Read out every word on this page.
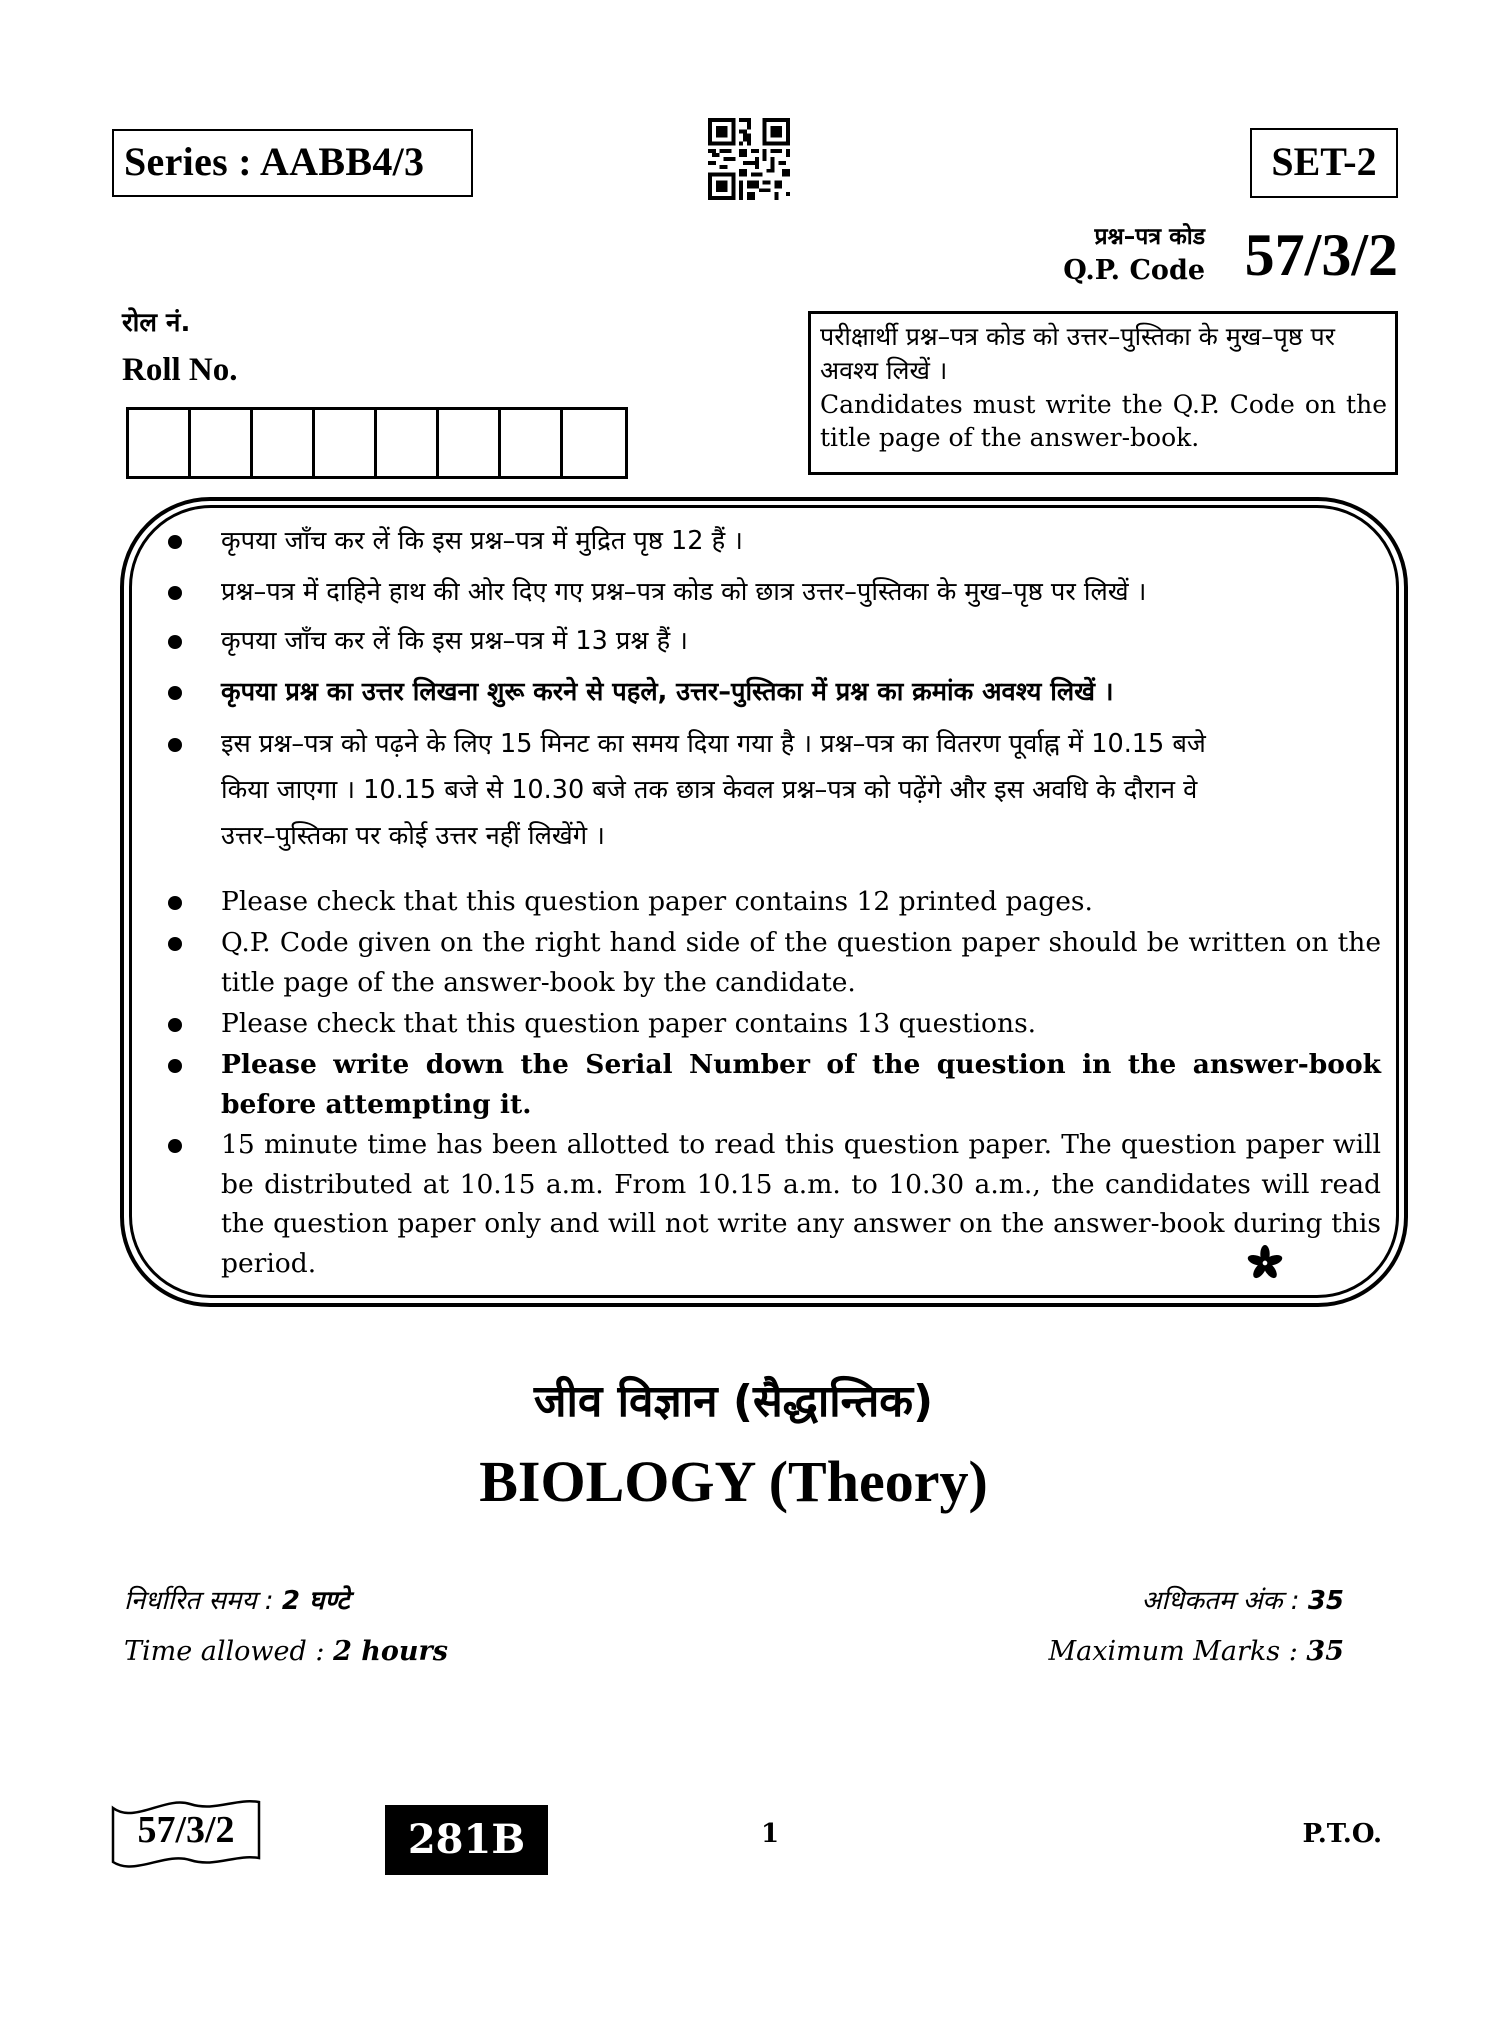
Series : AABB4/3	SET-2
प्रश्न–पत्र कोड
Q.P. Code 57/3/2
रोल नं.
Roll No.
परीक्षार्थी प्रश्न–पत्र कोड को उत्तर–पुस्तिका के मुख–पृष्ठ पर अवश्य लिखें ।
Candidates must write the Q.P. Code on the title page of the answer-book.
कृपया जाँच कर लें कि इस प्रश्न–पत्र में मुद्रित पृष्ठ 12 हैं ।
प्रश्न–पत्र में दाहिने हाथ की ओर दिए गए प्रश्न–पत्र कोड को छात्र उत्तर–पुस्तिका के मुख–पृष्ठ पर लिखें ।
कृपया जाँच कर लें कि इस प्रश्न–पत्र में 13 प्रश्न हैं ।
कृपया प्रश्न का उत्तर लिखना शुरू करने से पहले, उत्तर–पुस्तिका में प्रश्न का क्रमांक अवश्य लिखें ।
इस प्रश्न–पत्र को पढ़ने के लिए 15 मिनट का समय दिया गया है । प्रश्न–पत्र का वितरण पूर्वाह्न में 10.15 बजे
किया जाएगा । 10.15 बजे से 10.30 बजे तक छात्र केवल प्रश्न–पत्र को पढ़ेंगे और इस अवधि के दौरान वे
उत्तर–पुस्तिका पर कोई उत्तर नहीं लिखेंगे ।
Please check that this question paper contains 12 printed pages.
Q.P. Code given on the right hand side of the question paper should be written on the title page of the answer-book by the candidate.
Please check that this question paper contains 13 questions.
Please write down the Serial Number of the question in the answer-book before attempting it.
15 minute time has been allotted to read this question paper. The question paper will be distributed at 10.15 a.m. From 10.15 a.m. to 10.30 a.m., the candidates will read the question paper only and will not write any answer on the answer-book during this period.
जीव विज्ञान (सैद्धान्तिक)
BIOLOGY (Theory)
निर्धारित समय : 2 घण्टे
Time allowed : 2 hours
अधिकतम अंक : 35
Maximum Marks : 35
57/3/2	281B	1	P.T.O.
